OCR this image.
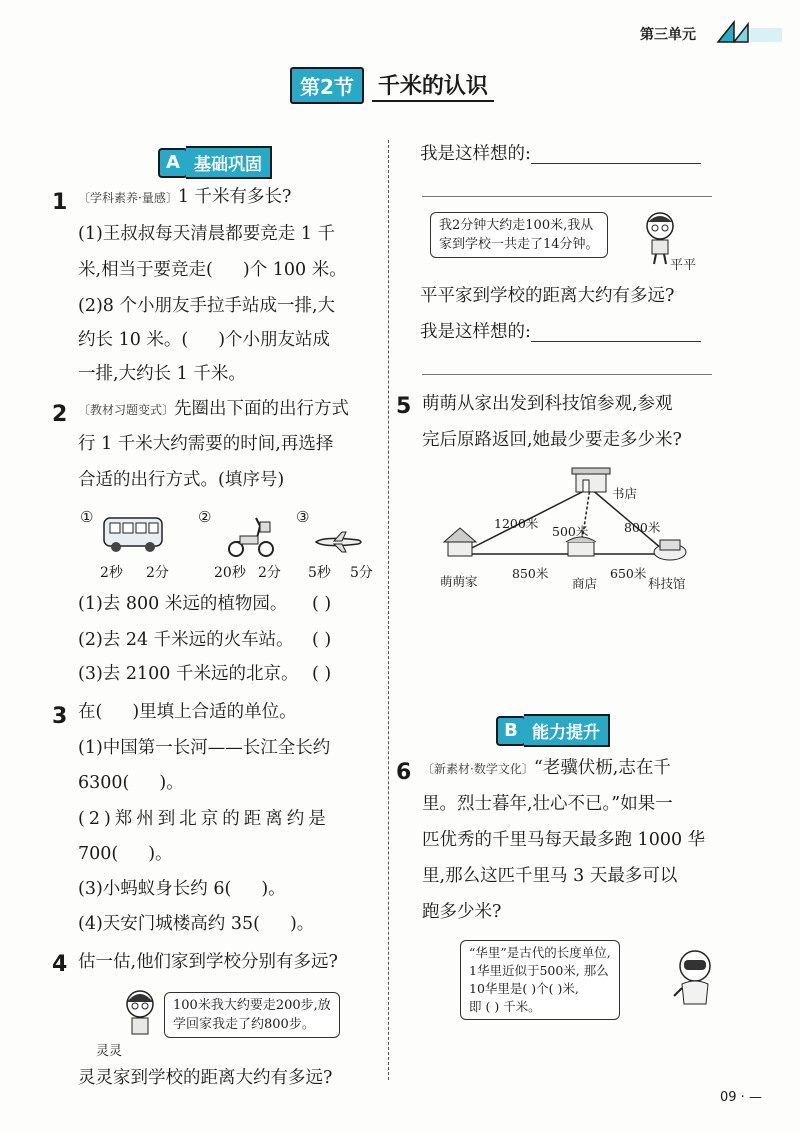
第三单元
第2节	千米的认识
A 基础巩固
1 〔学科素养·量感〕1 千米有多长?
(1)王叔叔每天清晨都要竞走 1 千
米,相当于要竞走( )个 100 米。
(2)8 个小朋友手拉手站成一排,大
约长 10 米。( )个小朋友站成
一排,大约长 1 千米。
2 〔教材习题变式〕先圈出下面的出行方式
行 1 千米大约需要的时间,再选择
合适的出行方式。(填序号)
①
2秒 2分
②
20秒 2分
③
5秒 5分
(1)去 800 米远的植物园。 ( )
(2)去 24 千米远的火车站。 ( )
(3)去 2100 千米远的北京。 ( )
3 在( )里填上合适的单位。
(1)中国第一长河——长江全长约
6300( )。
(2)郑州到北京的距离约是
700( )。
(3)小蚂蚁身长约 6( )。
(4)天安门城楼高约 35( )。
4 估一估,他们家到学校分别有多远?
100米我大约要走200步,放
学回家我走了约800步。
灵灵
灵灵家到学校的距离大约有多远?
我是这样想的:
我2分钟大约走100米,我从
家到学校一共走了14分钟。
平平
平平家到学校的距离大约有多远?
我是这样想的:
5 萌萌从家出发到科技馆参观,参观
完后原路返回,她最少要走多少米?
书店
萌萌家	商店	科技馆
1200米
500米	800米
850米	650米
B 能力提升
6 〔新素材·数学文化〕“老骥伏枥,志在千
里。烈士暮年,壮心不已。”如果一
匹优秀的千里马每天最多跑 1000 华
里,那么这匹千里马 3 天最多可以
跑多少米?
“华里”是古代的长度单位,
1华里近似于500米, 那么
10华里是( )个( )米,
即 ( ) 千米。
09 · —
